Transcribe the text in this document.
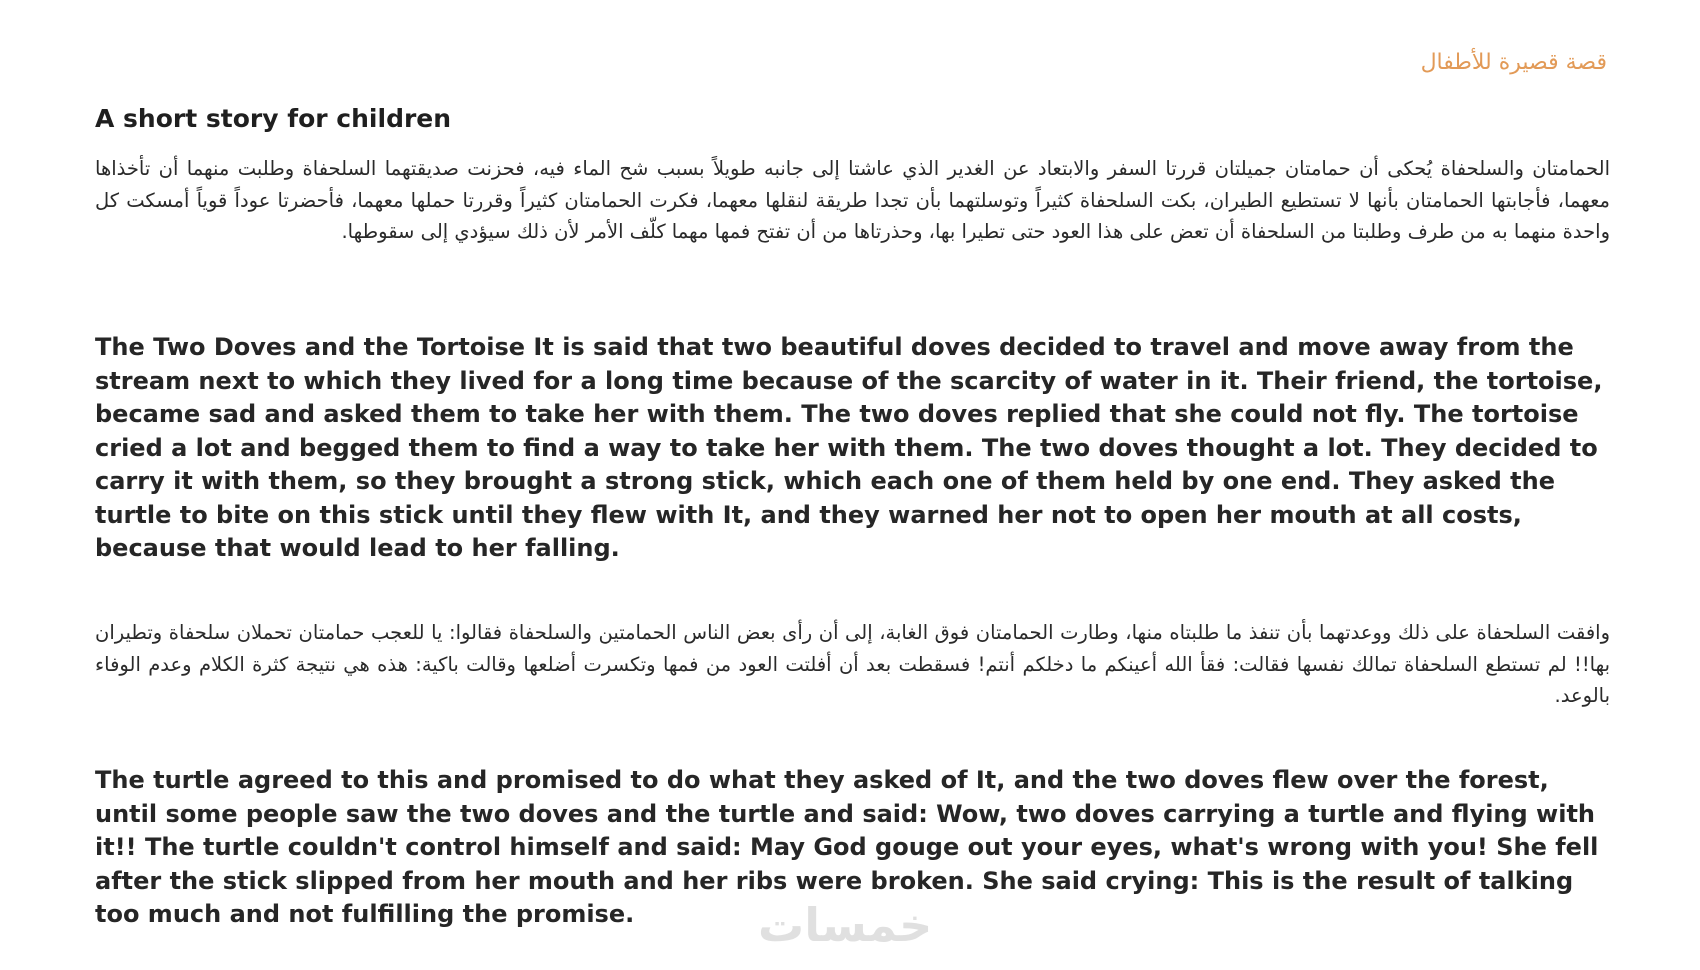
قصة قصيرة للأطفال
A short story for children

الحمامتان والسلحفاة يُحكى أن حمامتان جميلتان قررتا السفر والابتعاد عن الغدير الذي عاشتا إلى جانبه طويلاً بسبب شح الماء فيه، فحزنت صديقتهما السلحفاة وطلبت منهما أن تأخذاها معهما، فأجابتها الحمامتان بأنها لا تستطيع الطيران، بكت السلحفاة كثيراً وتوسلتهما بأن تجدا طريقة لنقلها معهما، فكرت الحمامتان كثيراً وقررتا حملها معهما، فأحضرتا عوداً قوياً أمسكت كل واحدة منهما به من طرف وطلبتا من السلحفاة أن تعض على هذا العود حتى تطيرا بها، وحذرتاها من أن تفتح فمها مهما كلّف الأمر لأن ذلك سيؤدي إلى سقوطها.

The Two Doves and the Tortoise It is said that two beautiful doves decided to travel and move away from the stream next to which they lived for a long time because of the scarcity of water in it. Their friend, the tortoise, became sad and asked them to take her with them. The two doves replied that she could not fly. The tortoise cried a lot and begged them to find a way to take her with them. The two doves thought a lot. They decided to carry it with them, so they brought a strong stick, which each one of them held by one end. They asked the turtle to bite on this stick until they flew with It, and they warned her not to open her mouth at all costs, because that would lead to her falling.

وافقت السلحفاة على ذلك ووعدتهما بأن تنفذ ما طلبتاه منها، وطارت الحمامتان فوق الغابة، إلى أن رأى بعض الناس الحمامتين والسلحفاة فقالوا: يا للعجب حمامتان تحملان سلحفاة وتطيران بها!! لم تستطع السلحفاة تمالك نفسها فقالت: فقأ الله أعينكم ما دخلكم أنتم! فسقطت بعد أن أفلتت العود من فمها وتكسرت أضلعها وقالت باكية: هذه هي نتيجة كثرة الكلام وعدم الوفاء بالوعد.

The turtle agreed to this and promised to do what they asked of It, and the two doves flew over the forest, until some people saw the two doves and the turtle and said: Wow, two doves carrying a turtle and flying with it!! The turtle couldn't control himself and said: May God gouge out your eyes, what's wrong with you! She fell after the stick slipped from her mouth and her ribs were broken. She said crying: This is the result of talking too much and not fulfilling the promise.	خمسات
